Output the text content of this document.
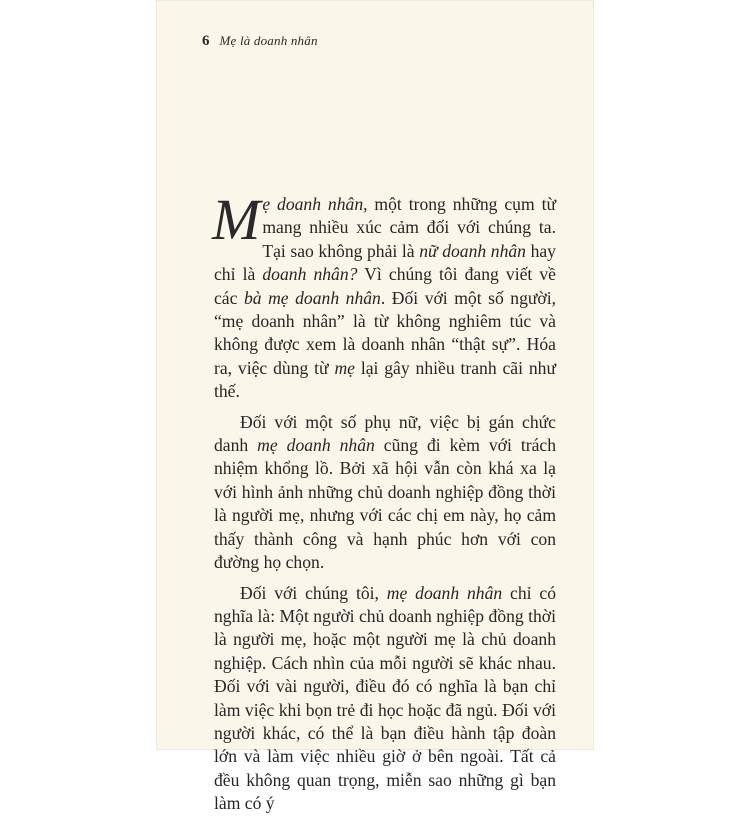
6 Mẹ là doanh nhân

Mẹ doanh nhân, một trong những cụm từ mang nhiều xúc cảm đối với chúng ta. Tại sao không phải là nữ doanh nhân hay chỉ là doanh nhân? Vì chúng tôi đang viết về các bà mẹ doanh nhân. Đối với một số người, “mẹ doanh nhân” là từ không nghiêm túc và không được xem là doanh nhân “thật sự”. Hóa ra, việc dùng từ mẹ lại gây nhiều tranh cãi như thế.

Đối với một số phụ nữ, việc bị gán chức danh mẹ doanh nhân cũng đi kèm với trách nhiệm khổng lồ. Bởi xã hội vẫn còn khá xa lạ với hình ảnh những chủ doanh nghiệp đồng thời là người mẹ, nhưng với các chị em này, họ cảm thấy thành công và hạnh phúc hơn với con đường họ chọn.

Đối với chúng tôi, mẹ doanh nhân chỉ có nghĩa là: Một người chủ doanh nghiệp đồng thời là người mẹ, hoặc một người mẹ là chủ doanh nghiệp. Cách nhìn của mỗi người sẽ khác nhau. Đối với vài người, điều đó có nghĩa là bạn chỉ làm việc khi bọn trẻ đi học hoặc đã ngủ. Đối với người khác, có thể là bạn điều hành tập đoàn lớn và làm việc nhiều giờ ở bên ngoài. Tất cả đều không quan trọng, miễn sao những gì bạn làm có ý
